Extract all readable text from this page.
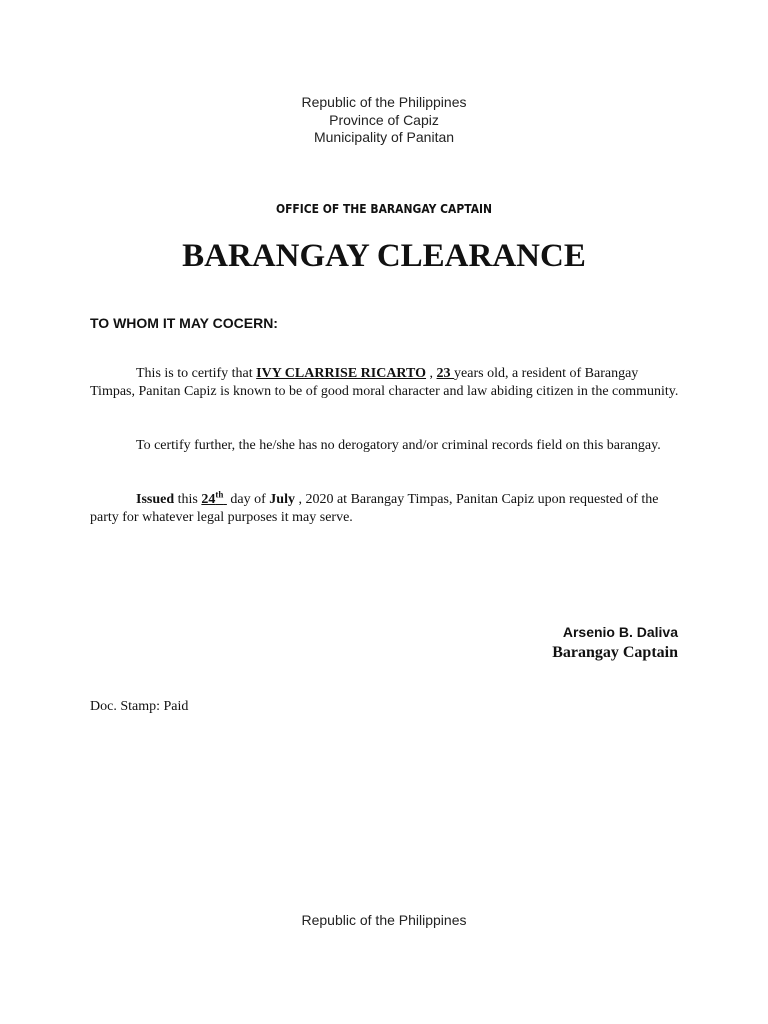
Republic of the Philippines
Province of Capiz
Municipality of Panitan
OFFICE OF THE BARANGAY CAPTAIN
BARANGAY CLEARANCE
TO WHOM IT MAY COCERN:
This is to certify that IVY CLARRISE RICARTO , 23 years old, a resident of Barangay Timpas, Panitan Capiz is known to be of good moral character and law abiding citizen in the community.
To certify further, the he/she has no derogatory and/or criminal records field on this barangay.
Issued this 24th  day of July , 2020 at Barangay Timpas, Panitan Capiz upon requested of the party for whatever legal purposes it may serve.
Arsenio B. Daliva
Barangay Captain
Doc. Stamp: Paid
Republic of the Philippines
